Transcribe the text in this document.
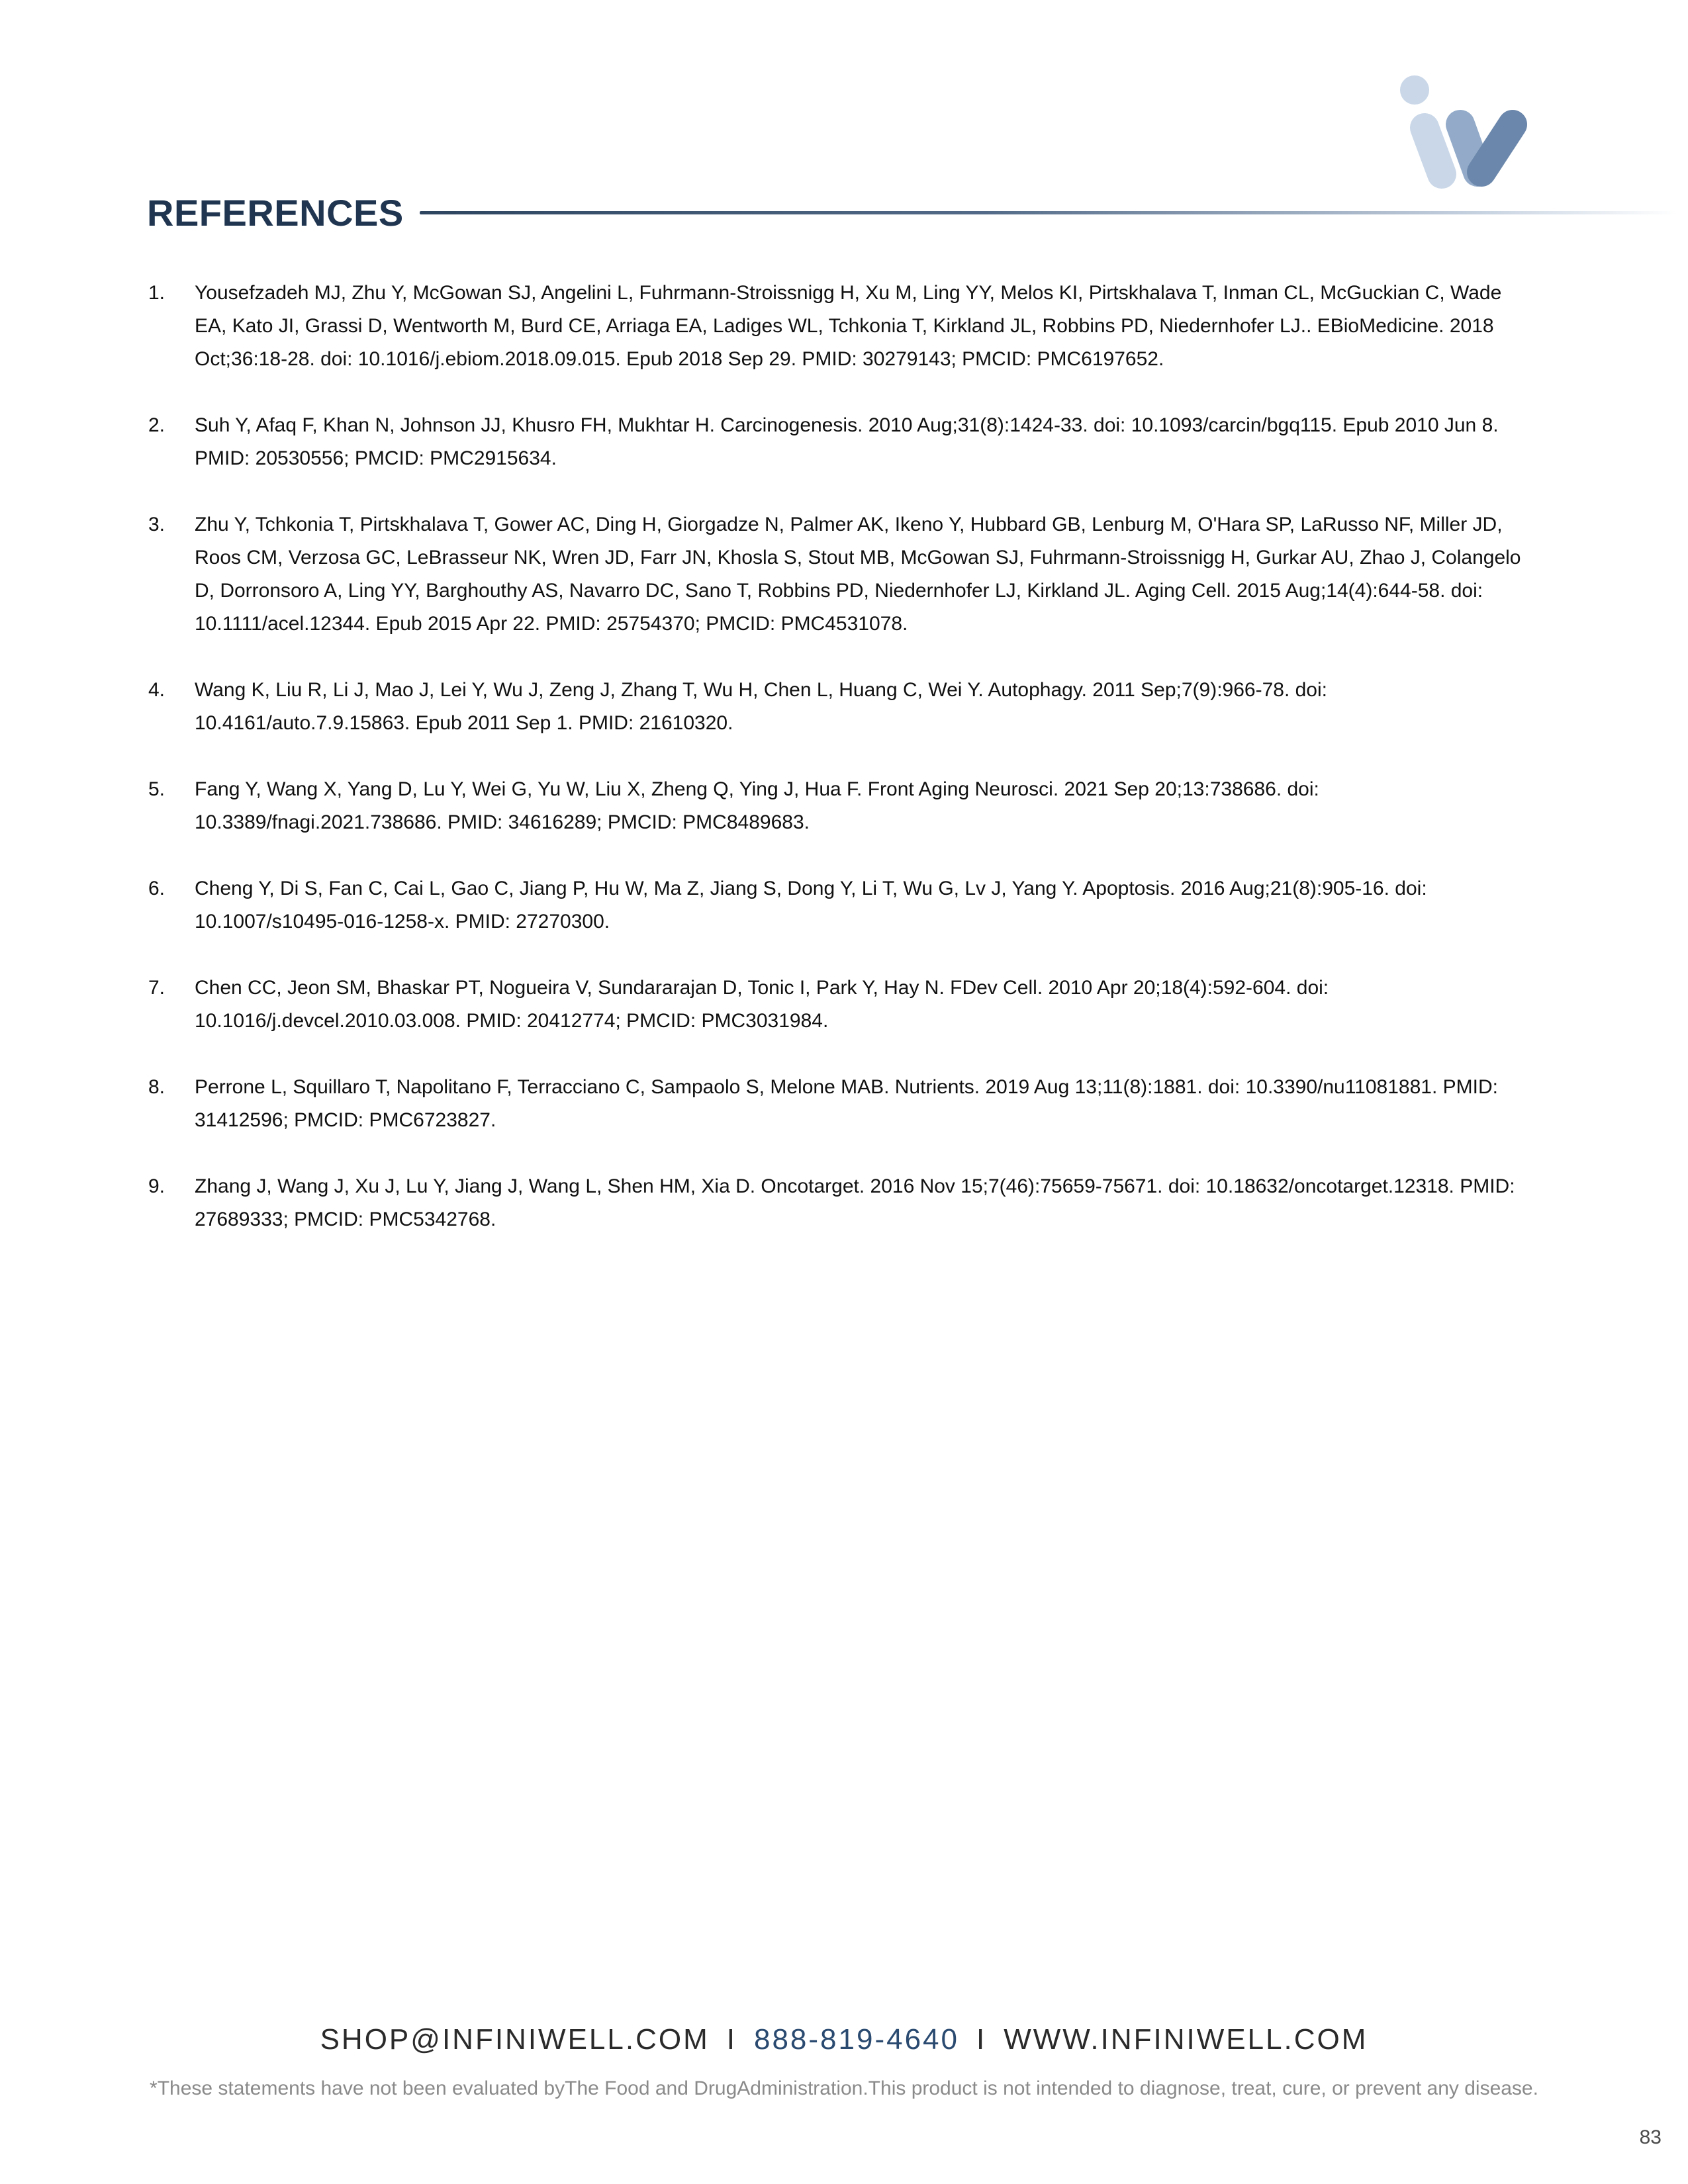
REFERENCES
1. Yousefzadeh MJ, Zhu Y, McGowan SJ, Angelini L, Fuhrmann-Stroissnigg H, Xu M, Ling YY, Melos KI, Pirtskhalava T, Inman CL, McGuckian C, Wade EA, Kato JI, Grassi D, Wentworth M, Burd CE, Arriaga EA, Ladiges WL, Tchkonia T, Kirkland JL, Robbins PD, Niedernhofer LJ.. EBioMedicine. 2018 Oct;36:18-28. doi: 10.1016/j.ebiom.2018.09.015. Epub 2018 Sep 29. PMID: 30279143; PMCID: PMC6197652.
2. Suh Y, Afaq F, Khan N, Johnson JJ, Khusro FH, Mukhtar H. Carcinogenesis. 2010 Aug;31(8):1424-33. doi: 10.1093/carcin/bgq115. Epub 2010 Jun 8. PMID: 20530556; PMCID: PMC2915634.
3. Zhu Y, Tchkonia T, Pirtskhalava T, Gower AC, Ding H, Giorgadze N, Palmer AK, Ikeno Y, Hubbard GB, Lenburg M, O'Hara SP, LaRusso NF, Miller JD, Roos CM, Verzosa GC, LeBrasseur NK, Wren JD, Farr JN, Khosla S, Stout MB, McGowan SJ, Fuhrmann-Stroissnigg H, Gurkar AU, Zhao J, Colangelo D, Dorronsoro A, Ling YY, Barghouthy AS, Navarro DC, Sano T, Robbins PD, Niedernhofer LJ, Kirkland JL. Aging Cell. 2015 Aug;14(4):644-58. doi: 10.1111/acel.12344. Epub 2015 Apr 22. PMID: 25754370; PMCID: PMC4531078.
4. Wang K, Liu R, Li J, Mao J, Lei Y, Wu J, Zeng J, Zhang T, Wu H, Chen L, Huang C, Wei Y. Autophagy. 2011 Sep;7(9):966-78. doi: 10.4161/auto.7.9.15863. Epub 2011 Sep 1. PMID: 21610320.
5. Fang Y, Wang X, Yang D, Lu Y, Wei G, Yu W, Liu X, Zheng Q, Ying J, Hua F. Front Aging Neurosci. 2021 Sep 20;13:738686. doi: 10.3389/fnagi.2021.738686. PMID: 34616289; PMCID: PMC8489683.
6. Cheng Y, Di S, Fan C, Cai L, Gao C, Jiang P, Hu W, Ma Z, Jiang S, Dong Y, Li T, Wu G, Lv J, Yang Y. Apoptosis. 2016 Aug;21(8):905-16. doi: 10.1007/s10495-016-1258-x. PMID: 27270300.
7. Chen CC, Jeon SM, Bhaskar PT, Nogueira V, Sundararajan D, Tonic I, Park Y, Hay N. FDev Cell. 2010 Apr 20;18(4):592-604. doi: 10.1016/j.devcel.2010.03.008. PMID: 20412774; PMCID: PMC3031984.
8. Perrone L, Squillaro T, Napolitano F, Terracciano C, Sampaolo S, Melone MAB. Nutrients. 2019 Aug 13;11(8):1881. doi: 10.3390/nu11081881. PMID: 31412596; PMCID: PMC6723827.
9. Zhang J, Wang J, Xu J, Lu Y, Jiang J, Wang L, Shen HM, Xia D. Oncotarget. 2016 Nov 15;7(46):75659-75671. doi: 10.18632/oncotarget.12318. PMID: 27689333; PMCID: PMC5342768.
SHOP@INFINIWELL.COM I 888-819-4640 I WWW.INFINIWELL.COM
*These statements have not been evaluated byThe Food and DrugAdministration.This product is not intended to diagnose, treat, cure, or prevent any disease.
83
